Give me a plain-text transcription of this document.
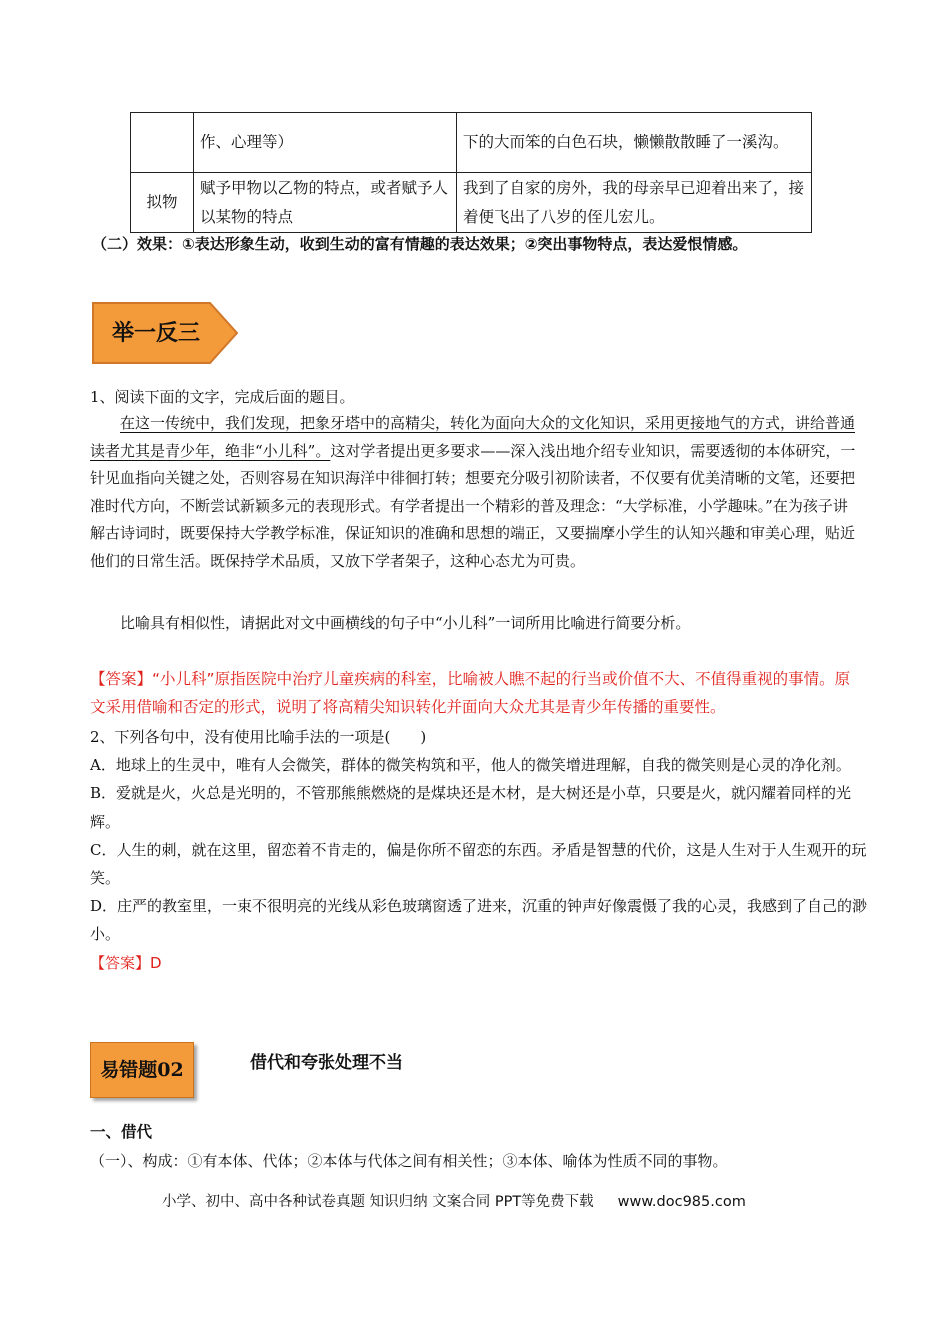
	作、心理等）	下的大而笨的白色石块，懒懒散散睡了一溪沟。
拟物	赋予甲物以乙物的特点，或者赋予人以某物的特点	我到了自家的房外，我的母亲早已迎着出来了，接着便飞出了八岁的侄儿宏儿。
（二）效果：①表达形象生动，收到生动的富有情趣的表达效果；②突出事物特点，表达爱恨情感。
举一反三
1、阅读下面的文字，完成后面的题目。
在这一传统中，我们发现，把象牙塔中的高精尖，转化为面向大众的文化知识，采用更接地气的方式，讲给普通读者尤其是青少年，绝非“小儿科”。这对学者提出更多要求——深入浅出地介绍专业知识，需要透彻的本体研究，一针见血指向关键之处，否则容易在知识海洋中徘徊打转；想要充分吸引初阶读者，不仅要有优美清晰的文笔，还要把准时代方向，不断尝试新颖多元的表现形式。有学者提出一个精彩的普及理念：“大学标准，小学趣味。”在为孩子讲解古诗词时，既要保持大学教学标准，保证知识的准确和思想的端正，又要揣摩小学生的认知兴趣和审美心理，贴近他们的日常生活。既保持学术品质，又放下学者架子，这种心态尤为可贵。
比喻具有相似性，请据此对文中画横线的句子中“小儿科”一词所用比喻进行简要分析。
【答案】“小儿科”原指医院中治疗儿童疾病的科室，比喻被人瞧不起的行当或价值不大、不值得重视的事情。原文采用借喻和否定的形式，说明了将高精尖知识转化并面向大众尤其是青少年传播的重要性。

2、下列各句中，没有使用比喻手法的一项是(　　)

A．地球上的生灵中，唯有人会微笑，群体的微笑构筑和平，他人的微笑增进理解，自我的微笑则是心灵的净化剂。

B．爱就是火，火总是光明的，不管那熊熊燃烧的是煤块还是木材，是大树还是小草，只要是火，就闪耀着同样的光辉。

C．人生的刺，就在这里，留恋着不肯走的，偏是你所不留恋的东西。矛盾是智慧的代价，这是人生对于人生观开的玩笑。

D．庄严的教室里，一束不很明亮的光线从彩色玻璃窗透了进来，沉重的钟声好像震慑了我的心灵，我感到了自己的渺小。

【答案】D

易错题02	借代和夸张处理不当
一、借代
（一）、构成：①有本体、代体；②本体与代体之间有相关性；③本体、喻体为性质不同的事物。
小学、初中、高中各种试卷真题 知识归纳 文案合同 PPT等免费下载 www.doc985.com
